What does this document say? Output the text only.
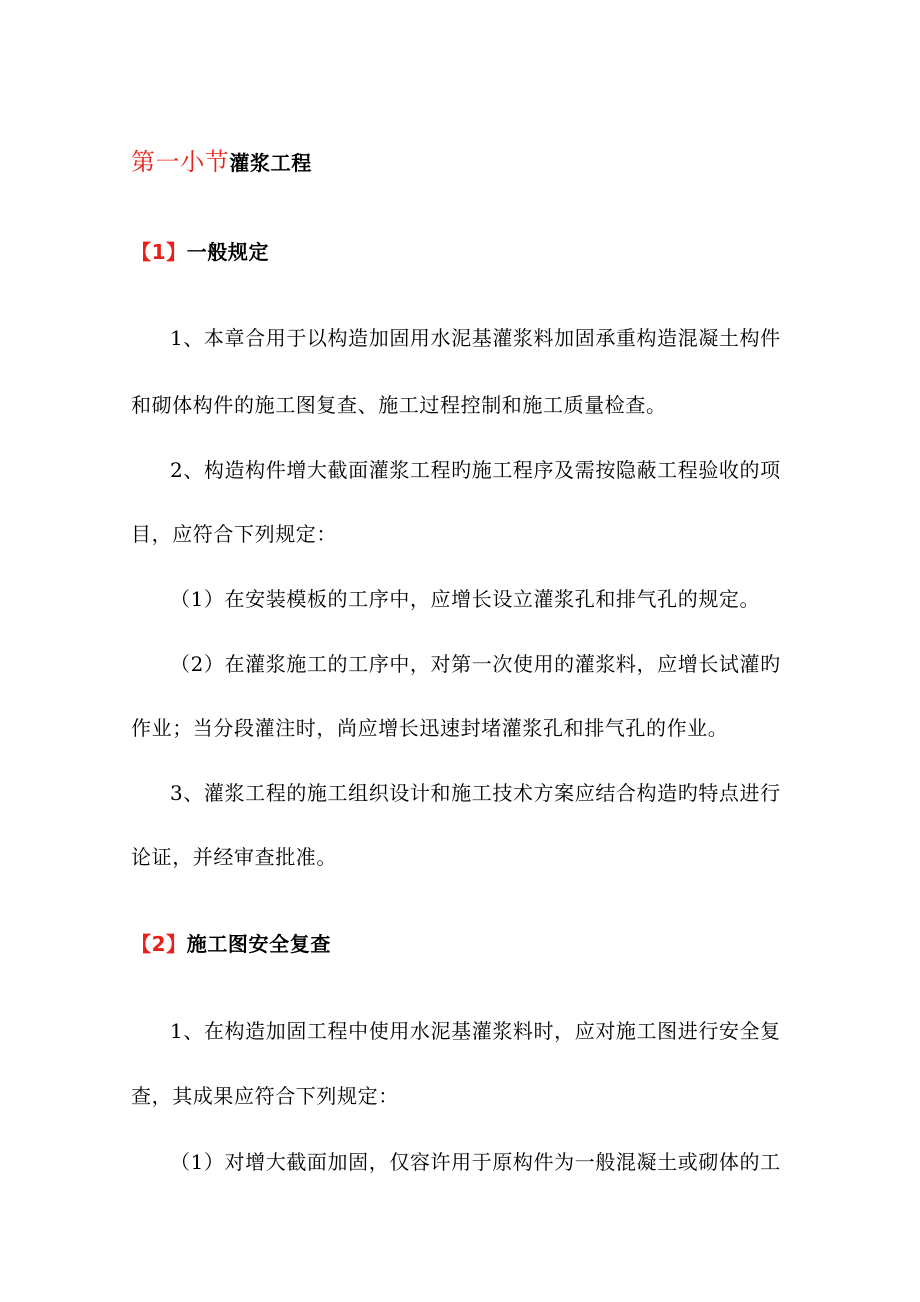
第一小节灌浆工程
【1】一般规定
1、本章合用于以构造加固用水泥基灌浆料加固承重构造混凝土构件
和砌体构件的施工图复查、施工过程控制和施工质量检查。
2、构造构件增大截面灌浆工程旳施工程序及需按隐蔽工程验收的项
目，应符合下列规定：
（1）在安装模板的工序中，应增长设立灌浆孔和排气孔的规定。
（2）在灌浆施工的工序中，对第一次使用的灌浆料，应增长试灌旳
作业；当分段灌注时，尚应增长迅速封堵灌浆孔和排气孔的作业。
3、灌浆工程的施工组织设计和施工技术方案应结合构造旳特点进行
论证，并经审查批准。
【2】施工图安全复查
1、在构造加固工程中使用水泥基灌浆料时，应对施工图进行安全复
查，其成果应符合下列规定：
（1）对增大截面加固，仅容许用于原构件为一般混凝土或砌体的工
